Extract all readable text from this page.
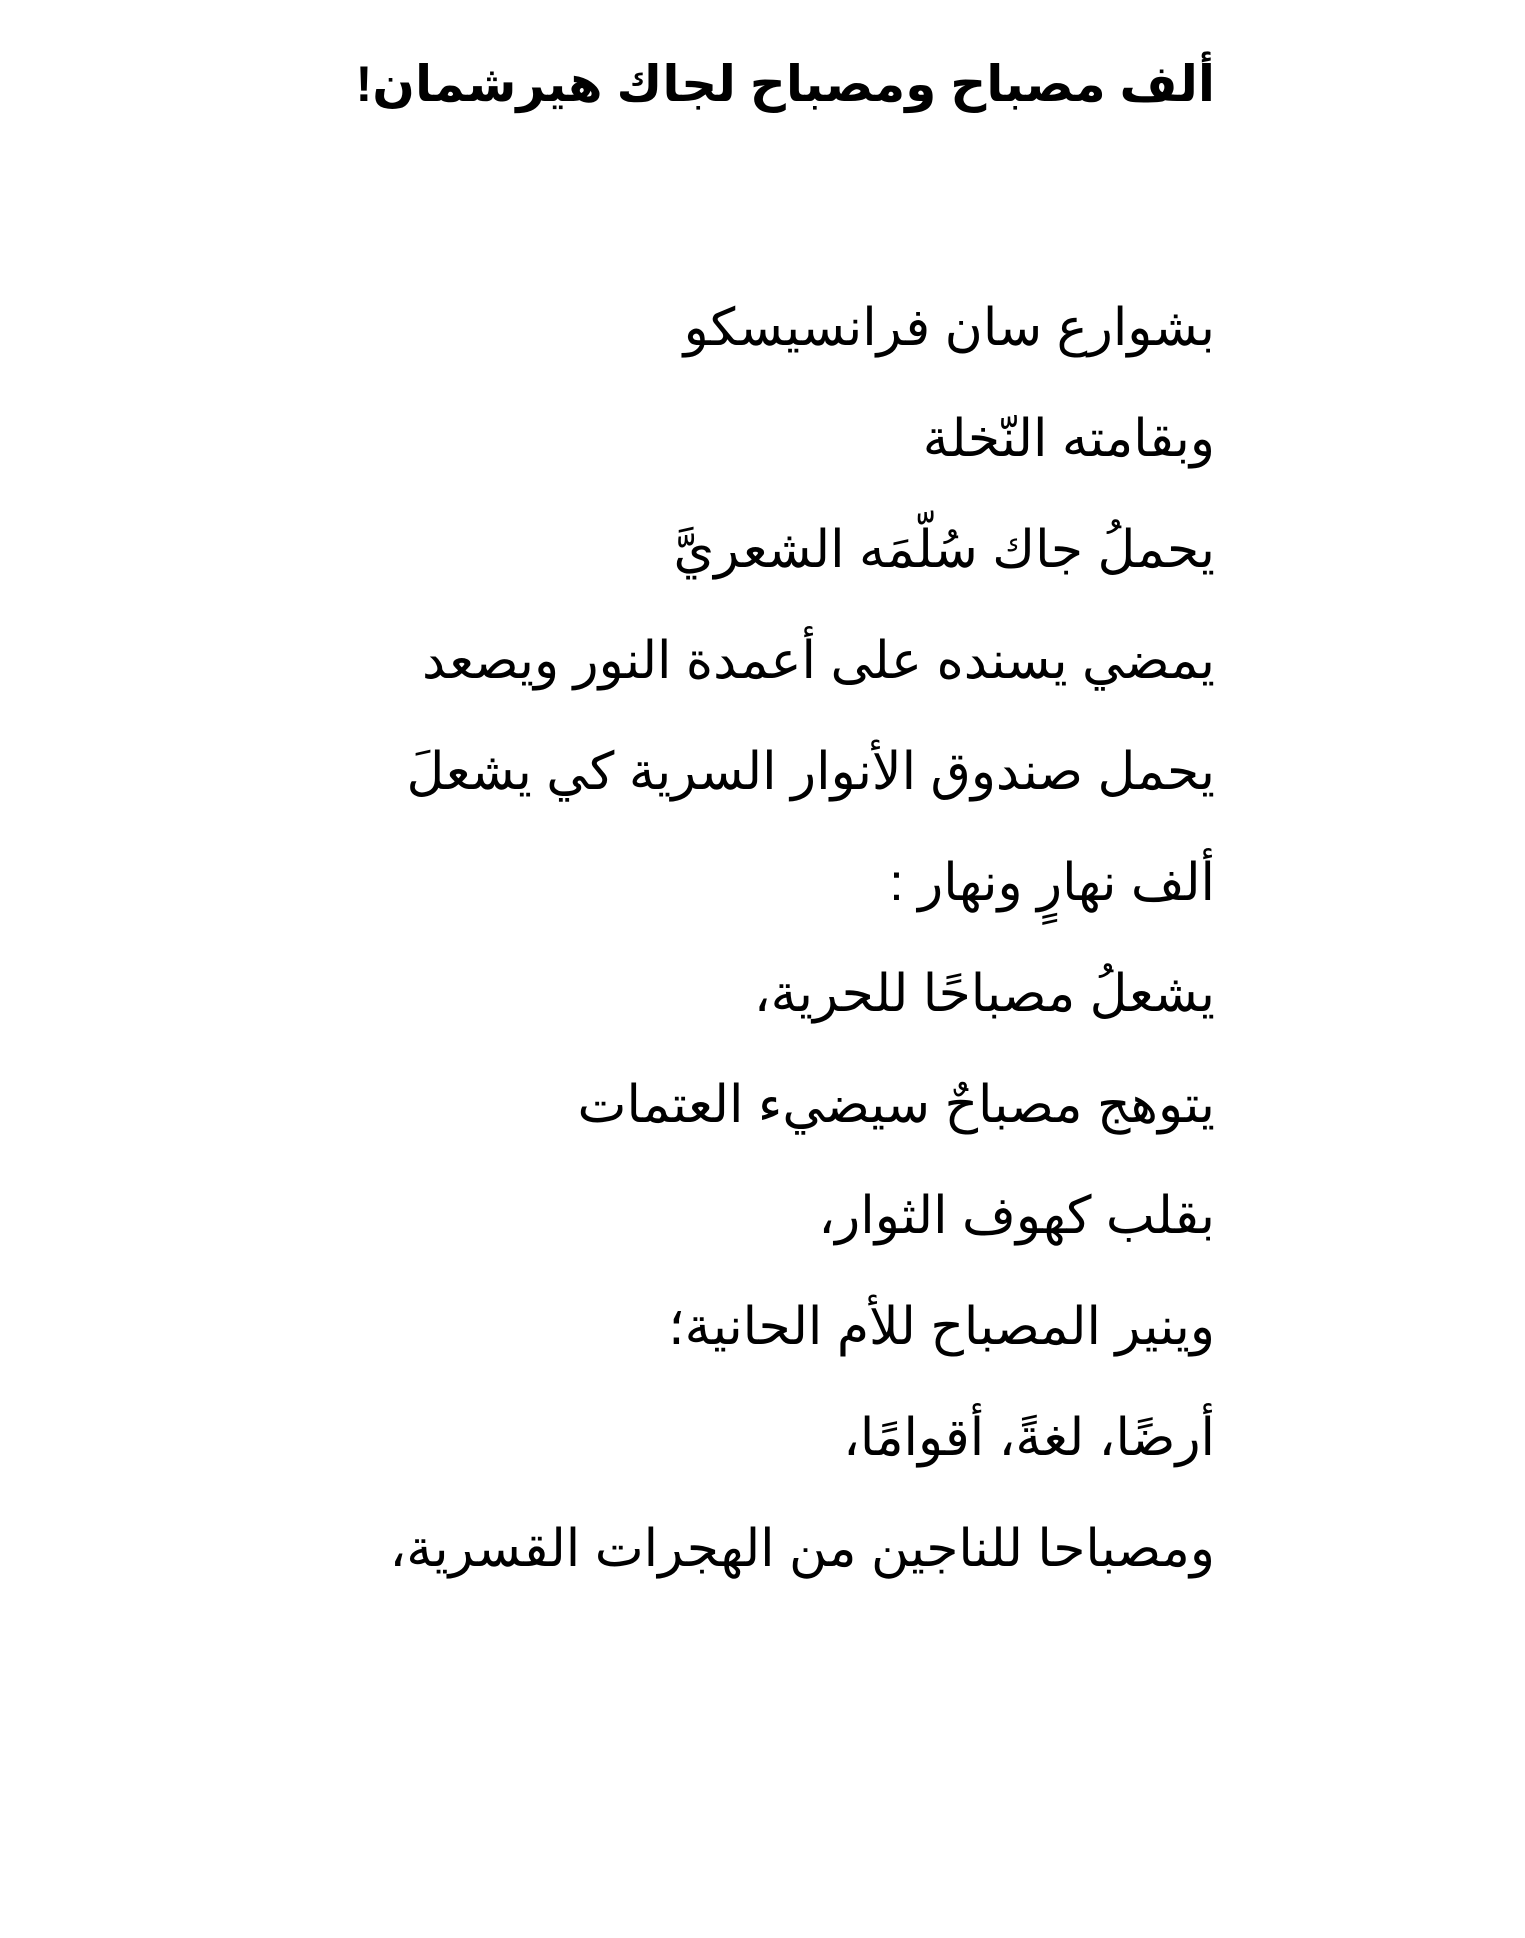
ألف مصباح ومصباح لجاك هيرشمان!
بشوارع سان فرانسيسكو
وبقامته النّخلة
يحملُ جاك سُلّمَه الشعريَّ
يمضي يسنده على أعمدة النور ويصعد
يحمل صندوق الأنوار السرية كي يشعلَ
ألف نهارٍ ونهار :
يشعلُ مصباحًا للحرية،
يتوهج مصباحٌ سيضيء العتمات
بقلب كهوف الثوار،
وينير المصباح للأم الحانية؛
أرضًا، لغةً، أقوامًا،
ومصباحا للناجين من الهجرات القسرية،
